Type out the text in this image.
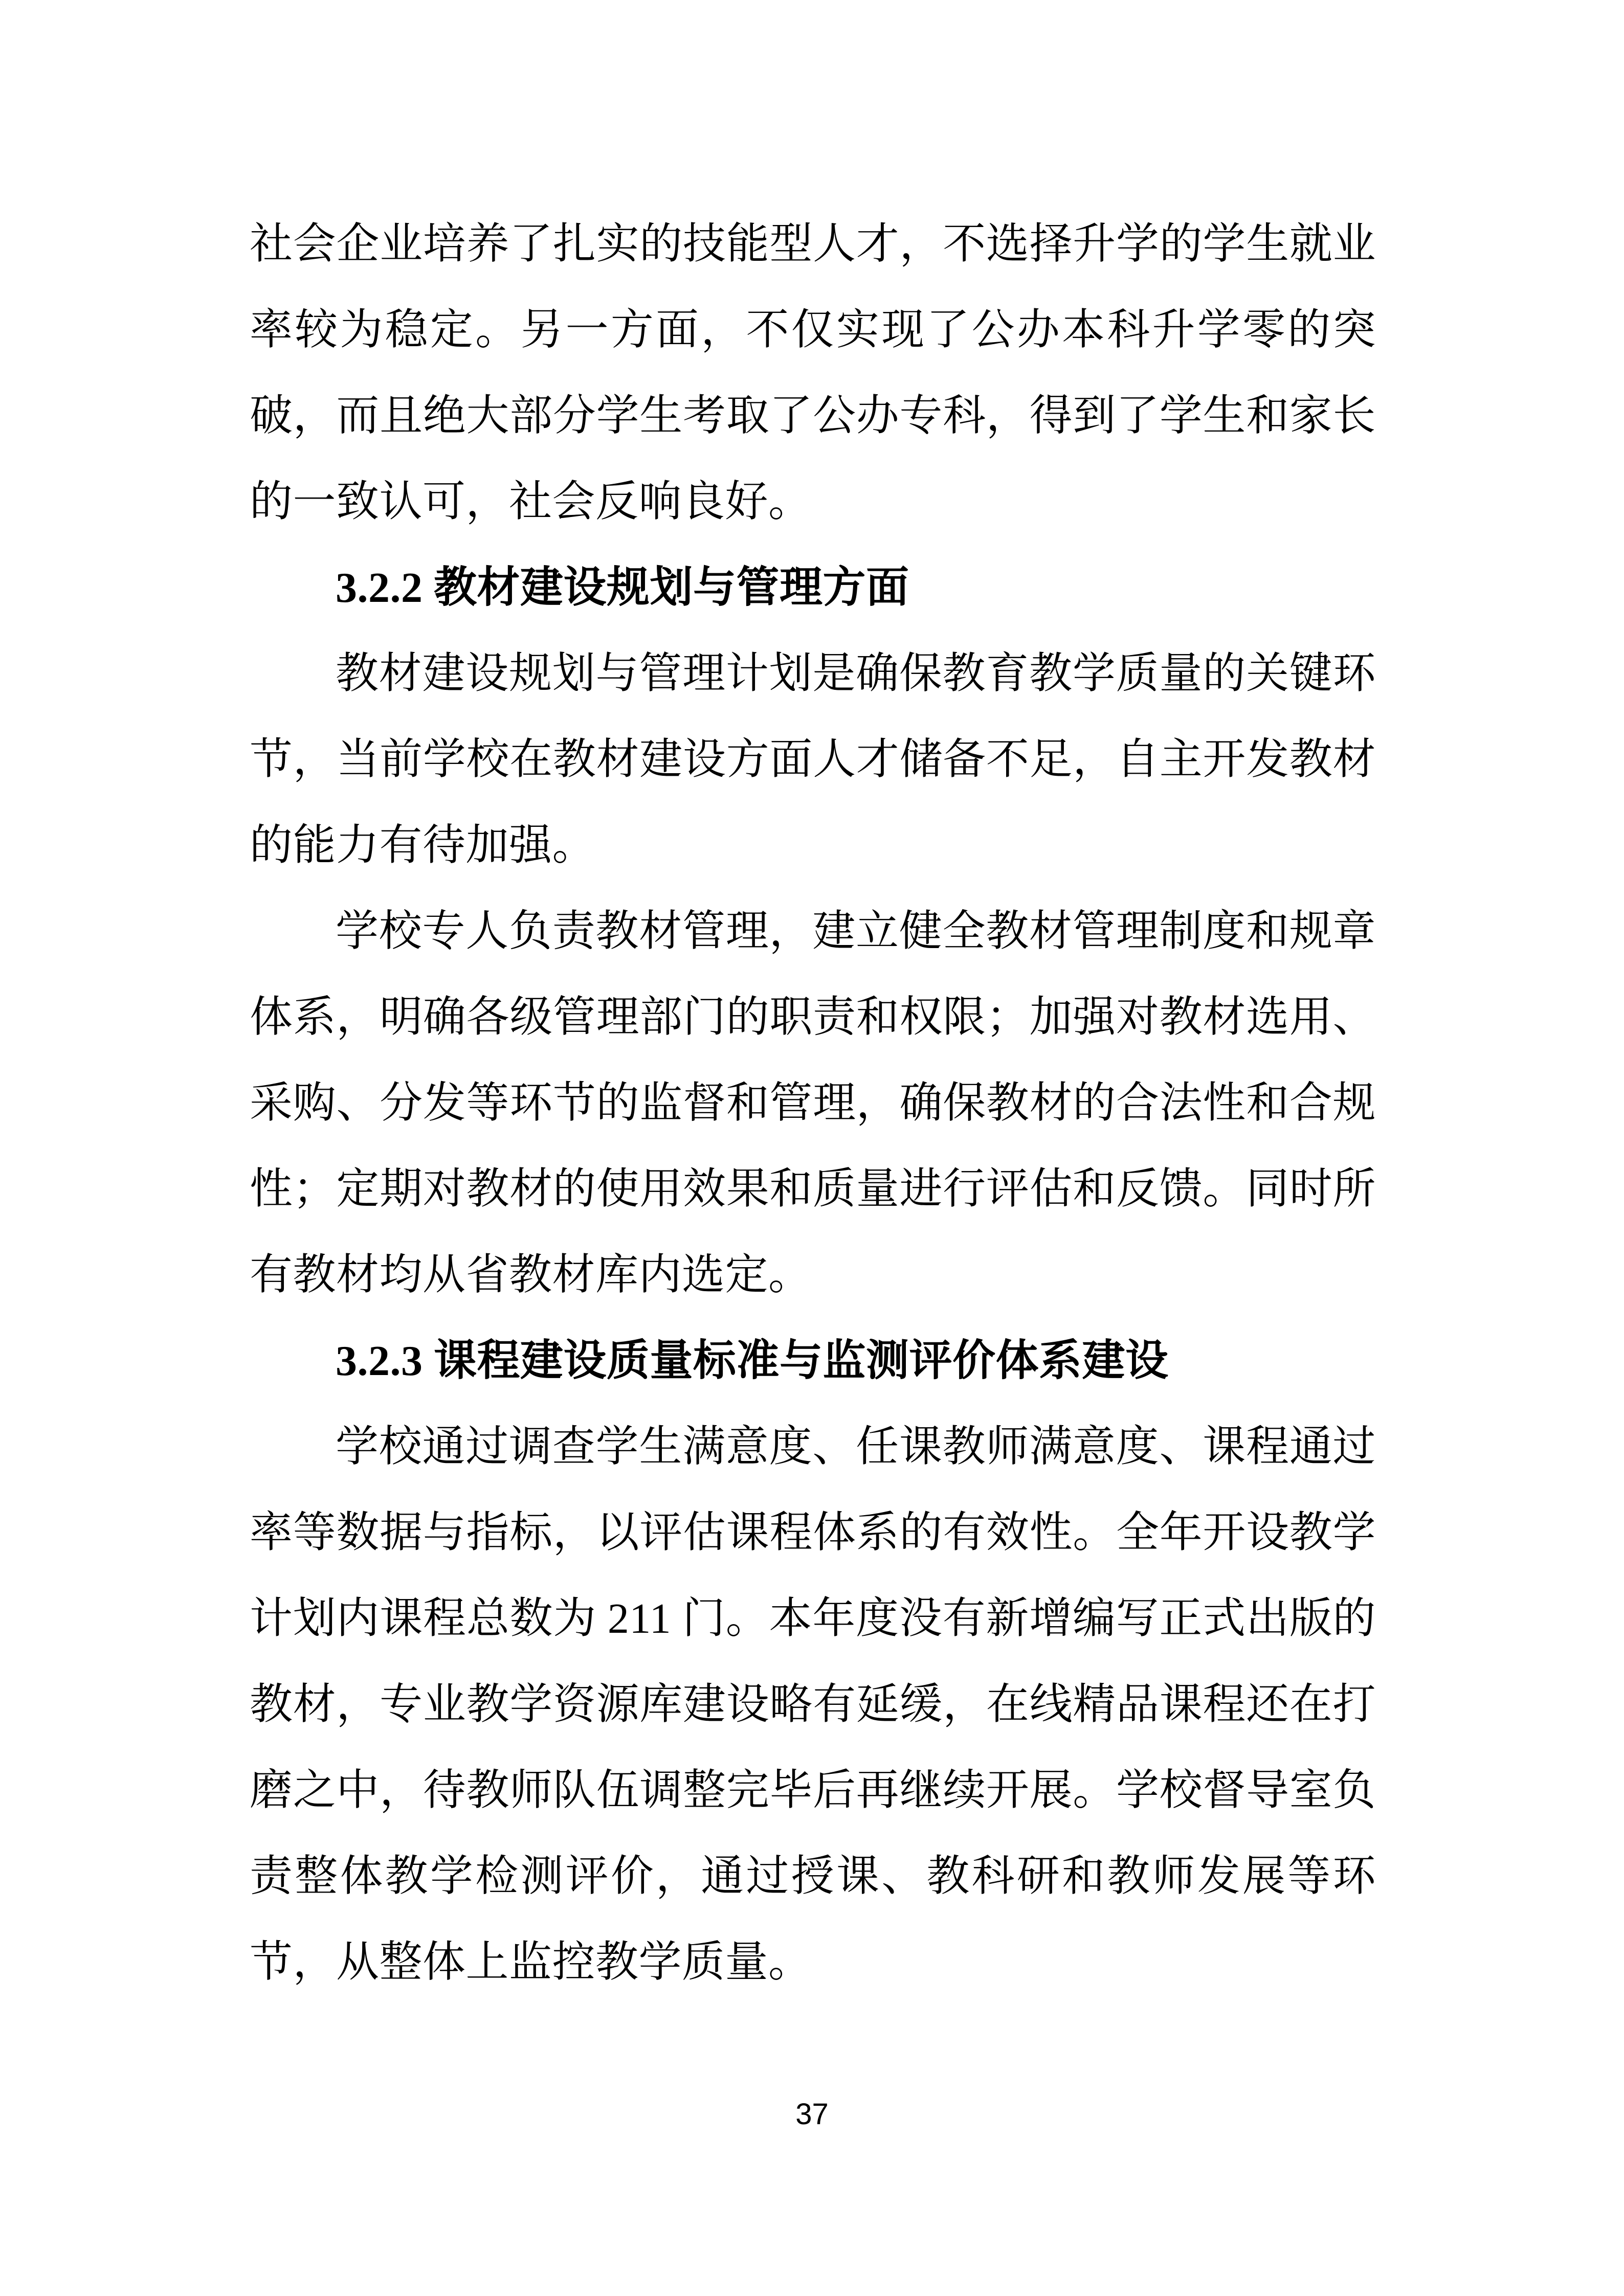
社会企业培养了扎实的技能型人才，不选择升学的学生就业率较为稳定。另一方面，不仅实现了公办本科升学零的突破，而且绝大部分学生考取了公办专科，得到了学生和家长的一致认可，社会反响良好。

3.2.2 教材建设规划与管理方面

教材建设规划与管理计划是确保教育教学质量的关键环节，当前学校在教材建设方面人才储备不足，自主开发教材的能力有待加强。

学校专人负责教材管理，建立健全教材管理制度和规章体系，明确各级管理部门的职责和权限；加强对教材选用、采购、分发等环节的监督和管理，确保教材的合法性和合规性；定期对教材的使用效果和质量进行评估和反馈。同时所有教材均从省教材库内选定。

3.2.3 课程建设质量标准与监测评价体系建设

学校通过调查学生满意度、任课教师满意度、课程通过率等数据与指标，以评估课程体系的有效性。全年开设教学计划内课程总数为 211 门。本年度没有新增编写正式出版的教材，专业教学资源库建设略有延缓，在线精品课程还在打磨之中，待教师队伍调整完毕后再继续开展。学校督导室负责整体教学检测评价，通过授课、教科研和教师发展等环节，从整体上监控教学质量。

37
